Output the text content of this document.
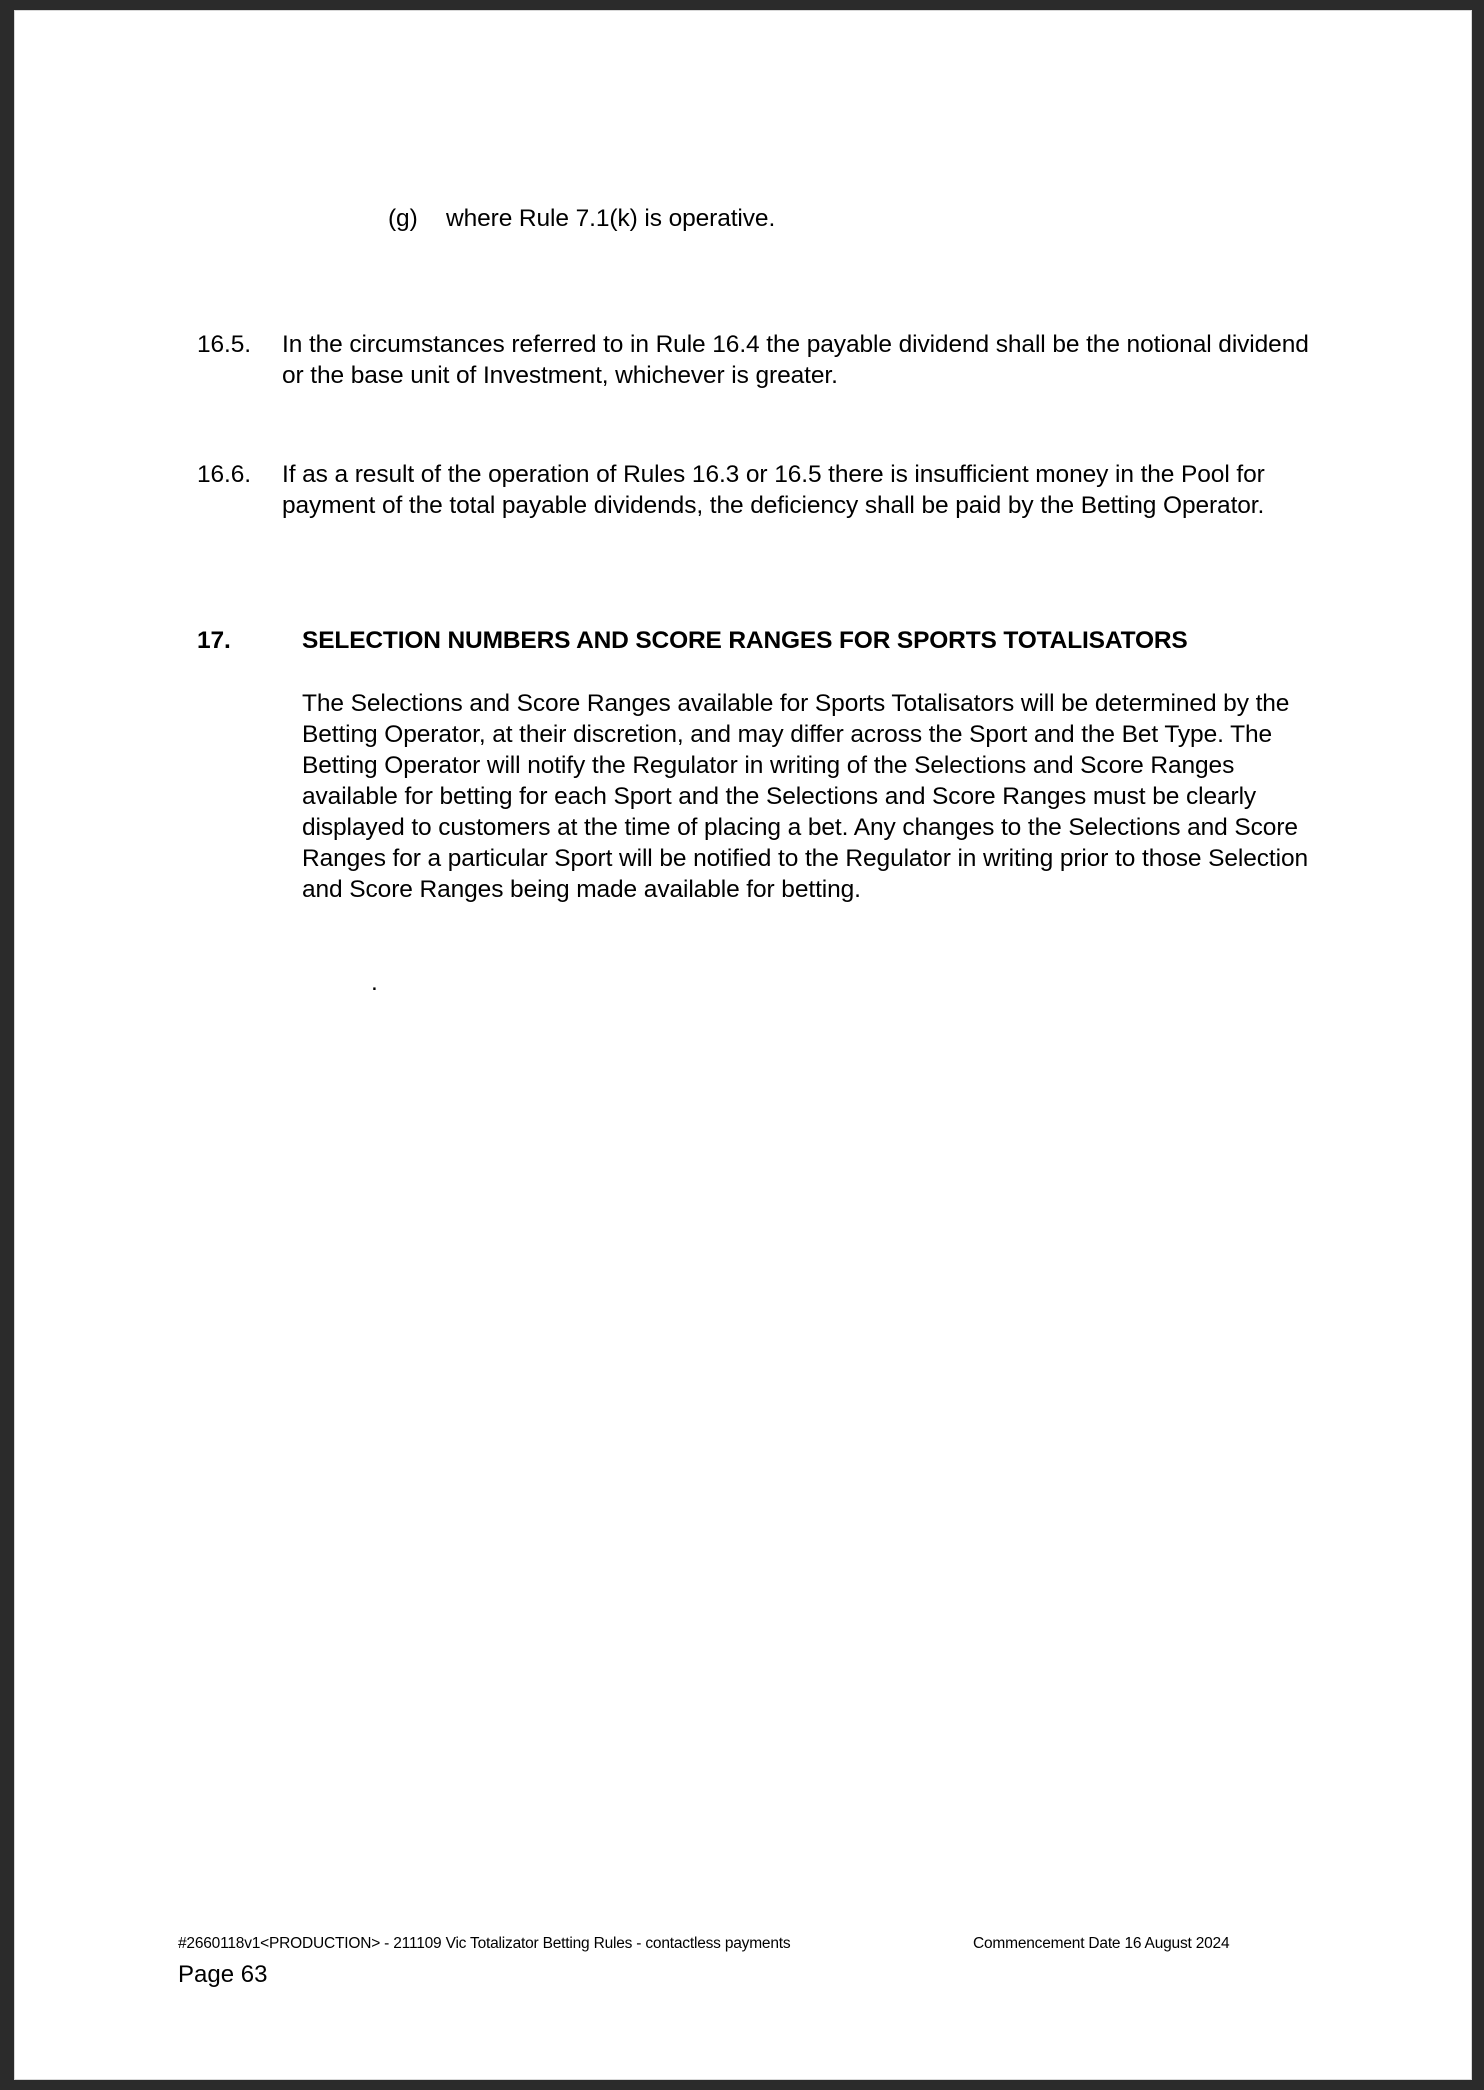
(g)	where Rule 7.1(k) is operative.
16.5.	In the circumstances referred to in Rule 16.4 the payable dividend shall be the notional dividend or the base unit of Investment, whichever is greater.
16.6.	If as a result of the operation of Rules 16.3 or 16.5 there is insufficient money in the Pool for payment of the total payable dividends, the deficiency shall be paid by the Betting Operator.
17.	SELECTION NUMBERS AND SCORE RANGES FOR SPORTS TOTALISATORS
The Selections and Score Ranges available for Sports Totalisators will be determined by the Betting Operator, at their discretion, and may differ across the Sport and the Bet Type. The Betting Operator will notify the Regulator in writing of the Selections and Score Ranges available for betting for each Sport and the Selections and Score Ranges must be clearly displayed to customers at the time of placing a bet. Any changes to the Selections and Score Ranges for a particular Sport will be notified to the Regulator in writing prior to those Selection and Score Ranges being made available for betting.
.
#2660118v1<PRODUCTION> - 211109 Vic Totalizator Betting Rules - contactless payments	Commencement Date 16 August 2024
Page 63
